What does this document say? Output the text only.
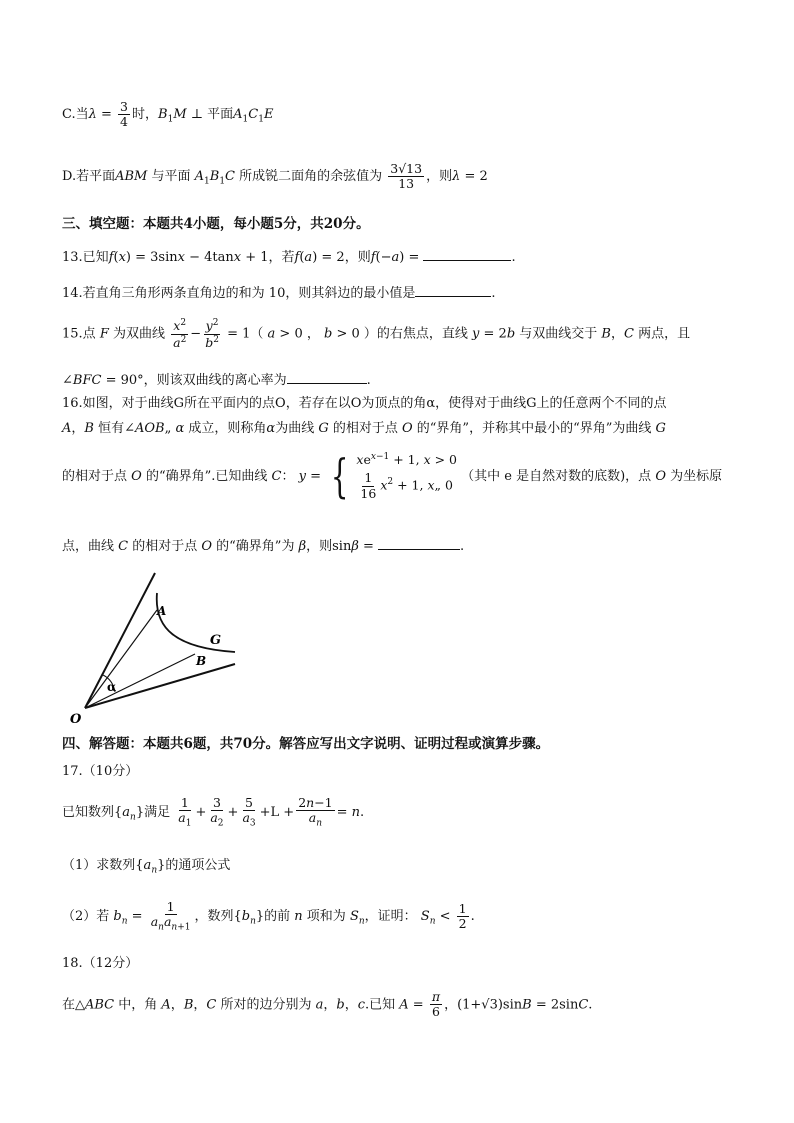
C.当$\lambda = \frac{3}{4}$ 时，$B_1M$ ⊥ 平面$A_1C_1E$
D.若平面ABM 与平面 $A_1B_1C$ 所成锐二面角的余弦值为 $\frac{3√13}{13}$ ，则λ = 2
三、填空题：本题共4小题，每小题5分，共20分。
13.已知f(x) = 3sinx − 4tanx + 1，若f(a) = 2，则f(−a) =	.
14.若直角三角形两条直角边的和为 10，则其斜边的最小值是	.
15.点 F 为双曲线 $\frac{x^2}{a^2} - \frac{y^2}{b^2} = 1$（ a > 0 ， b > 0 ）的右焦点，直线 y = 2b 与双曲线交于 B，C 两点，且
∠BFC = 90°，则该双曲线的离心率为	.
16.如图，对于曲线G所在平面内的点O，若存在以O为顶点的角α，使得对于曲线G上的任意两个不同的点
A，B 恒有∠AOB„ α 成立，则称角α为曲线 G 的相对于点 O 的“界角”，并称其中最小的“界角”为曲线 G
的相对于点 O 的“确界角”.已知曲线 C： y = { $xe^{x-1} + 1$, x > 0
$\frac{1}{16} x^2 + 1$, x„ 0
（其中 e 是自然对数的底数)，点 O 为坐标原
点，曲线 C 的相对于点 O 的“确界角”为 β，则sinβ =	.
A
G
B
α
O
四、解答题：本题共6题，共70分。解答应写出文字说明、证明过程或演算步骤。
17.（10分）
已知数列$\{a_n\}$满足 $\frac{1}{a_1} + \frac{3}{a_2} + \frac{5}{a_3} +L + \frac{2n-1}{a_n} = n$.
（1）求数列$\{a_n\}$的通项公式
（2）若 $b_n = \frac{1}{a_na_{n+1}}$ ，数列$\{b_n\}$的前 n 项和为 $S_n$，证明： $S_n < \frac{1}{2}$ .
18.（12分）
在△ABC 中，角 A，B，C 所对的边分别为 a，b，c.已知 $A = \frac{\pi}{6}$ ，(1+√3)sinB = 2sinC.
